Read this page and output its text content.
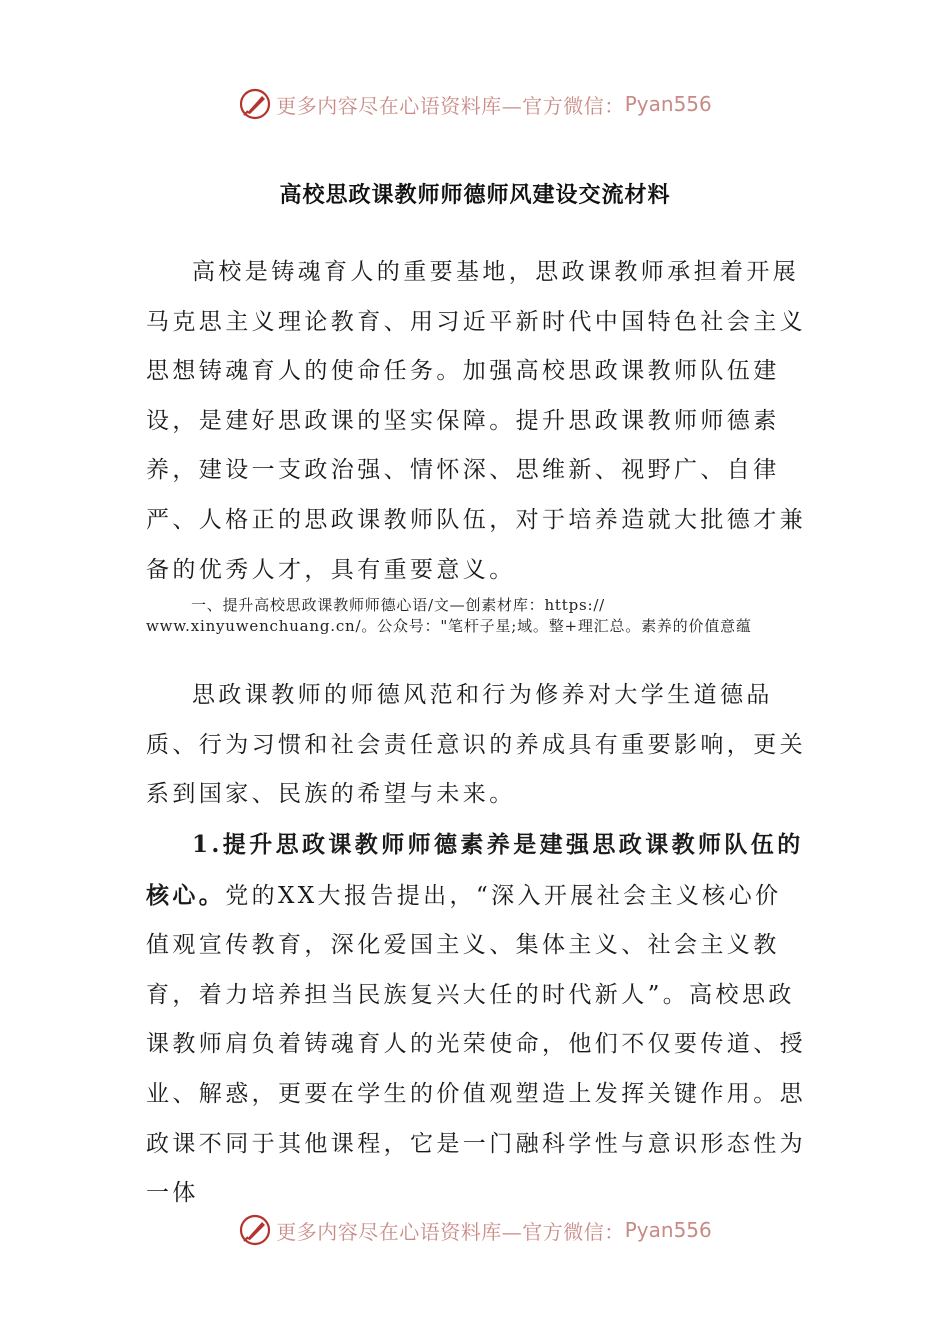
更多内容尽在心语资料库—官方微信： Pyan556
高校思政课教师师德师风建设交流材料

高校是铸魂育人的重要基地，思政课教师承担着开展马克思主义理论教育、用习近平新时代中国特色社会主义思想铸魂育人的使命任务。加强高校思政课教师队伍建设，是建好思政课的坚实保障。提升思政课教师师德素养，建设一支政治强、情怀深、思维新、视野广、自律严、人格正的思政课教师队伍，对于培养造就大批德才兼备的优秀人才，具有重要意义。

一、提升高校思政课教师师德心语/文—创素材库：https://
www.xinyuwenchuang.cn/。公众号："笔杆子星;域。整+理汇总。素养的价值意蕴

思政课教师的师德风范和行为修养对大学生道德品质、行为习惯和社会责任意识的养成具有重要影响，更关系到国家、民族的希望与未来。

1.提升思政课教师师德素养是建强思政课教师队伍的核心。党的XX大报告提出，“深入开展社会主义核心价值观宣传教育，深化爱国主义、集体主义、社会主义教育，着力培养担当民族复兴大任的时代新人”。高校思政课教师肩负着铸魂育人的光荣使命，他们不仅要传道、授业、解惑，更要在学生的价值观塑造上发挥关键作用。思政课不同于其他课程，它是一门融科学性与意识形态性为一体

更多内容尽在心语资料库—官方微信： Pyan556
